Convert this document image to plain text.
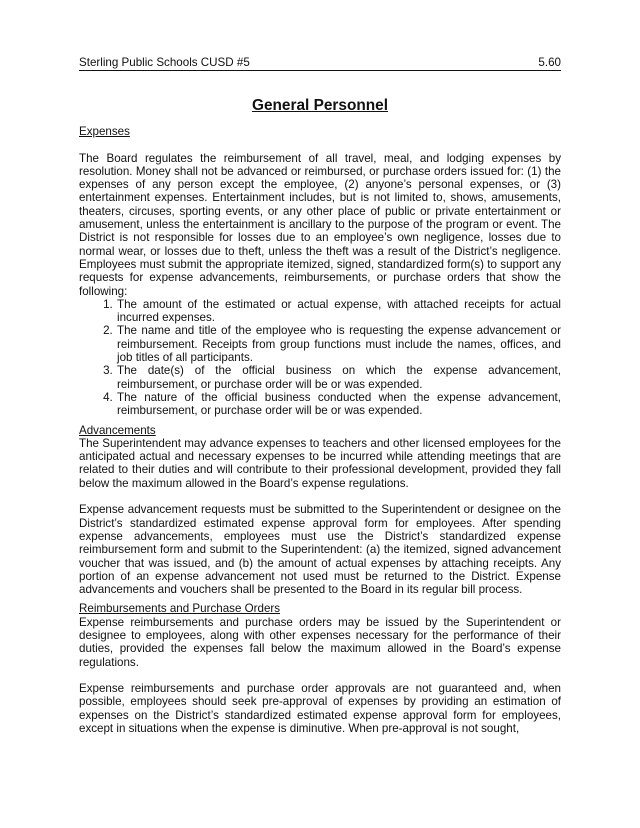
Sterling Public Schools CUSD #5	5.60
General Personnel
Expenses

The Board regulates the reimbursement of all travel, meal, and lodging expenses by resolution. Money shall not be advanced or reimbursed, or purchase orders issued for: (1) the expenses of any person except the employee, (2) anyone’s personal expenses, or (3) entertainment expenses. Entertainment includes, but is not limited to, shows, amusements, theaters, circuses, sporting events, or any other place of public or private entertainment or amusement, unless the entertainment is ancillary to the purpose of the program or event. The District is not responsible for losses due to an employee’s own negligence, losses due to normal wear, or losses due to theft, unless the theft was a result of the District’s negligence. Employees must submit the appropriate itemized, signed, standardized form(s) to support any requests for expense advancements, reimbursements, or purchase orders that show the following:

1. The amount of the estimated or actual expense, with attached receipts for actual incurred expenses.
2. The name and title of the employee who is requesting the expense advancement or reimbursement. Receipts from group functions must include the names, offices, and job titles of all participants.
3. The date(s) of the official business on which the expense advancement, reimbursement, or purchase order will be or was expended.
4. The nature of the official business conducted when the expense advancement, reimbursement, or purchase order will be or was expended.
Advancements

The Superintendent may advance expenses to teachers and other licensed employees for the anticipated actual and necessary expenses to be incurred while attending meetings that are related to their duties and will contribute to their professional development, provided they fall below the maximum allowed in the Board’s expense regulations.

Expense advancement requests must be submitted to the Superintendent or designee on the District’s standardized estimated expense approval form for employees. After spending expense advancements, employees must use the District’s standardized expense reimbursement form and submit to the Superintendent: (a) the itemized, signed advancement voucher that was issued, and (b) the amount of actual expenses by attaching receipts. Any portion of an expense advancement not used must be returned to the District. Expense advancements and vouchers shall be presented to the Board in its regular bill process.

Reimbursements and Purchase Orders

Expense reimbursements and purchase orders may be issued by the Superintendent or designee to employees, along with other expenses necessary for the performance of their duties, provided the expenses fall below the maximum allowed in the Board’s expense regulations.

Expense reimbursements and purchase order approvals are not guaranteed and, when possible, employees should seek pre-approval of expenses by providing an estimation of expenses on the District’s standardized estimated expense approval form for employees, except in situations when the expense is diminutive. When pre-approval is not sought,
